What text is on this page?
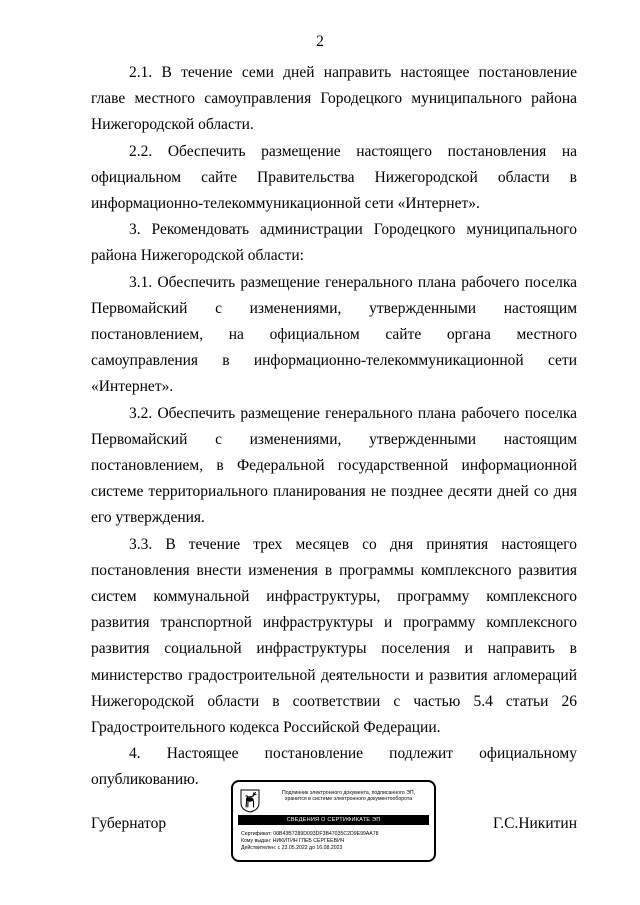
2

2.1. В течение семи дней направить настоящее постановление главе местного самоуправления Городецкого муниципального района Нижегородской области.

2.2. Обеспечить размещение настоящего постановления на официальном сайте Правительства Нижегородской области в информационно-телекоммуникационной сети «Интернет».

3. Рекомендовать администрации Городецкого муниципального района Нижегородской области:

3.1. Обеспечить размещение генерального плана рабочего поселка Первомайский с изменениями, утвержденными настоящим постановлением, на официальном сайте органа местного самоуправления в информационно-телекоммуникационной сети «Интернет».

3.2. Обеспечить размещение генерального плана рабочего поселка Первомайский с изменениями, утвержденными настоящим постановлением, в Федеральной государственной информационной системе территориального планирования не позднее десяти дней со дня его утверждения.

3.3. В течение трех месяцев со дня принятия настоящего постановления внести изменения в программы комплексного развития систем коммунальной инфраструктуры, программу комплексного развития транспортной инфраструктуры и программу комплексного развития социальной инфраструктуры поселения и направить в министерство градостроительной деятельности и развития агломераций Нижегородской области в соответствии с частью 5.4 статьи 26 Градостроительного кодекса Российской Федерации.

4. Настоящее постановление подлежит официальному опубликованию.

Губернатор	Г.С.Никитин
Подлинник электронного документа, подписанного ЭП,
хранится в системе электронного документооборота
СВЕДЕНИЯ О СЕРТИФИКАТЕ ЭП
Сертификат: 00B43B7289D093DF3B47035C2D9E99AA78
Кому выдан: НИКИТИН ГЛЕБ СЕРГЕЕВИЧ
Действителен: с 23.05.2022 до 16.08.2023
